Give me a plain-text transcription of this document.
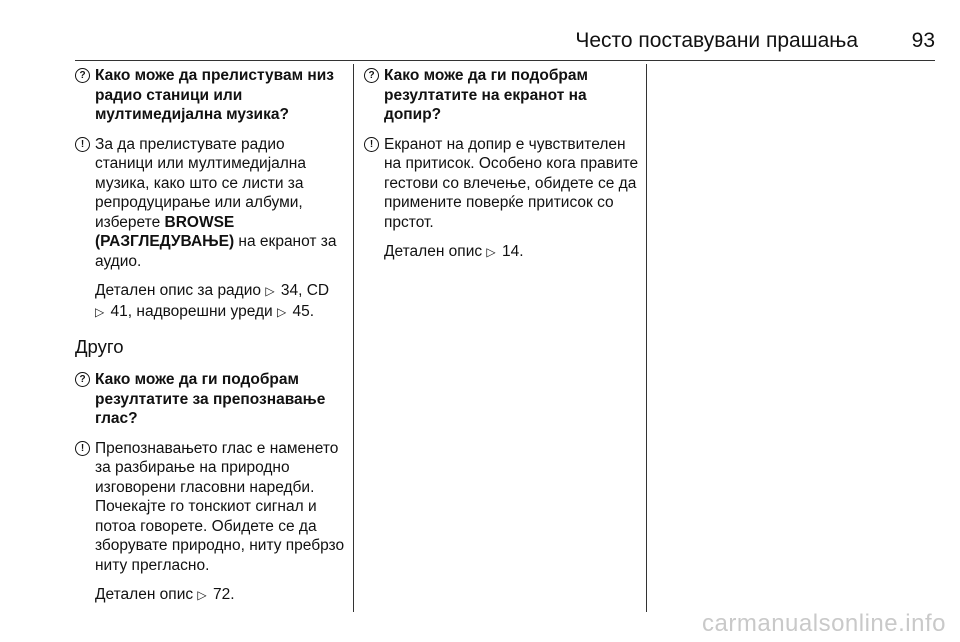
Често поставувани прашања	93
? Како може да прелистувам низ радио станици или мултимедијална музика?
! За да прелистувате радио станици или мултимедијална музика, како што се листи за репродуцирање или албуми, изберете BROWSE (РАЗГЛЕДУВАЊЕ) на екранот за аудио.
Детален опис за радио ▷ 34, CD
▷ 41, надворешни уреди ▷ 45.
Друго
? Како може да ги подобрам резултатите за препознавање глас?
! Препознавањето глас е наменето за разбирање на природно изговорени гласовни наредби. Почекајте го тонскиот сигнал и потоа говорете. Обидете се да зборувате природно, ниту пребрзо ниту прегласно.
Детален опис ▷ 72.
? Како може да ги подобрам резултатите на екранот на допир?
! Екранот на допир е чувствителен на притисок. Особено кога правите гестови со влечење, обидете се да примените поверќе притисок со прстот.
Детален опис ▷ 14.
carmanualsonline.info
